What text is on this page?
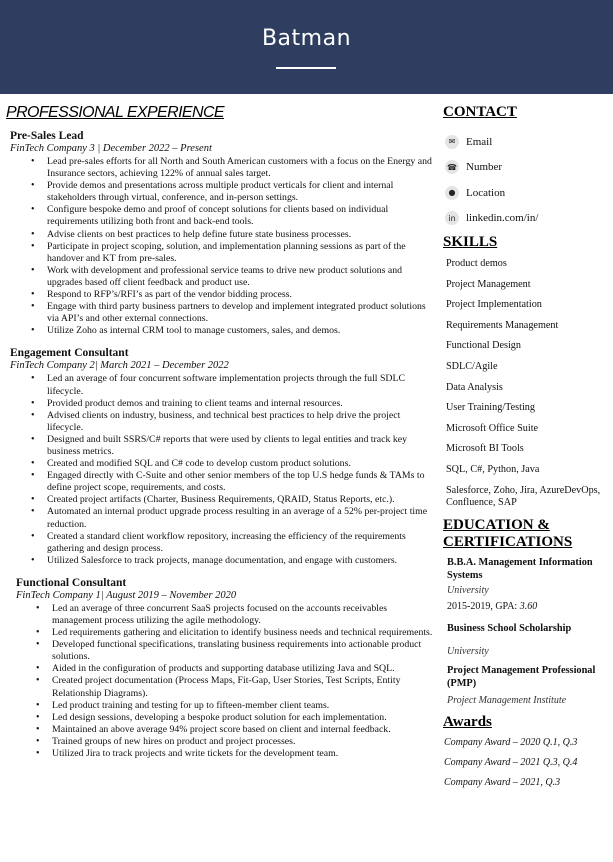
Batman
PROFESSIONAL EXPERIENCE
Pre-Sales Lead
FinTech Company 3 | December 2022 – Present
• Lead pre-sales efforts for all North and South American customers with a focus on the Energy and Insurance sectors, achieving 122% of annual sales target.
• Provide demos and presentations across multiple product verticals for client and internal stakeholders through virtual, conference, and in-person settings.
• Configure bespoke demo and proof of concept solutions for clients based on individual requirements utilizing both front and back-end tools.
• Advise clients on best practices to help define future state business processes.
• Participate in project scoping, solution, and implementation planning sessions as part of the handover and KT from pre-sales.
• Work with development and professional service teams to drive new product solutions and upgrades based off client feedback and product use.
• Respond to RFP’s/RFI’s as part of the vendor bidding process.
• Engage with third party business partners to develop and implement integrated product solutions via API’s and other external connections.
• Utilize Zoho as internal CRM tool to manage customers, sales, and demos.
Engagement Consultant
FinTech Company 2| March 2021 – December 2022
• Led an average of four concurrent software implementation projects through the full SDLC lifecycle.
• Provided product demos and training to client teams and internal resources.
• Advised clients on industry, business, and technical best practices to help drive the project lifecycle.
• Designed and built SSRS/C# reports that were used by clients to legal entities and track key business metrics.
• Created and modified SQL and C# code to develop custom product solutions.
• Engaged directly with C-Suite and other senior members of the top U.S hedge funds & TAMs to define project scope, requirements, and costs.
• Created project artifacts (Charter, Business Requirements, QRAID, Status Reports, etc.).
• Automated an internal product upgrade process resulting in an average of a 52% per-project time reduction.
• Created a standard client workflow repository, increasing the efficiency of the requirements gathering and design process.
• Utilized Salesforce to track projects, manage documentation, and engage with customers.
Functional Consultant
FinTech Company 1| August 2019 – November 2020
• Led an average of three concurrent SaaS projects focused on the accounts receivables management process utilizing the agile methodology.
• Led requirements gathering and elicitation to identify business needs and technical requirements.
• Developed functional specifications, translating business requirements into actionable product solutions.
• Aided in the configuration of products and supporting database utilizing Java and SQL.
• Created project documentation (Process Maps, Fit-Gap, User Stories, Test Scripts, Entity Relationship Diagrams).
• Led product training and testing for up to fifteen-member client teams.
• Led design sessions, developing a bespoke product solution for each implementation.
• Maintained an above average 94% project score based on client and internal feedback.
• Trained groups of new hires on product and project processes.
• Utilized Jira to track projects and write tickets for the development team.
CONTACT
✉ Email
☎ Number
● Location
in linkedin.com/in/
SKILLS
Product demos
Project Management
Project Implementation
Requirements Management
Functional Design
SDLC/Agile
Data Analysis
User Training/Testing
Microsoft Office Suite
Microsoft BI Tools
SQL, C#, Python, Java
Salesforce, Zoho, Jira, AzureDevOps, Confluence, SAP
EDUCATION &
CERTIFICATIONS
B.B.A. Management Information Systems
University
2015-2019, GPA: 3.60
Business School Scholarship
University
Project Management Professional (PMP)
Project Management Institute
Awards
Company Award – 2020 Q.1, Q.3
Company Award – 2021 Q.3, Q.4
Company Award – 2021, Q.3
